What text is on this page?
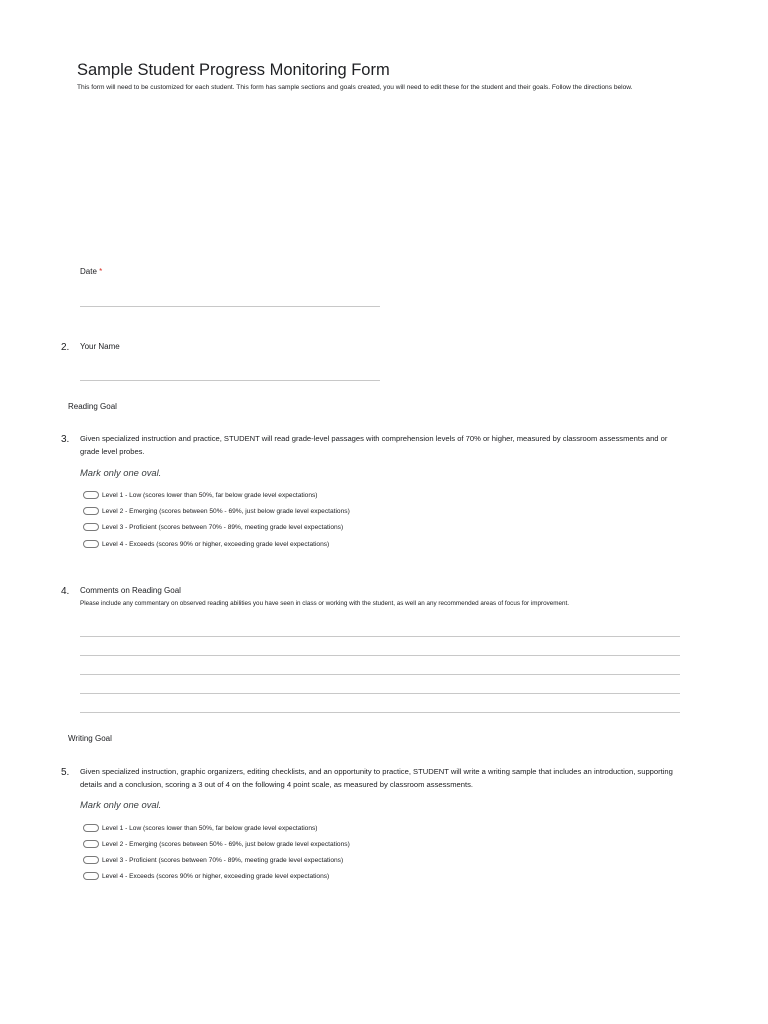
Sample Student Progress Monitoring Form
This form will need to be customized for each student. This form has sample sections and goals created, you will need to edit these for the student and their goals. Follow the directions below.
Date *
2. Your Name
Reading Goal
3. Given specialized instruction and practice, STUDENT will read grade-level passages with comprehension levels of 70% or higher, measured by classroom assessments and or grade level probes.
Mark only one oval.
Level 1 - Low (scores lower than 50%, far below grade level expectations)
Level 2 - Emerging (scores between 50% - 69%, just below grade level expectations)
Level 3 - Proficient (scores between 70% - 89%, meeting grade level expectations)
Level 4 - Exceeds (scores 90% or higher, exceeding grade level expectations)
4. Comments on Reading Goal
Please include any commentary on observed reading abilities you have seen in class or working with the student, as well an any recommended areas of focus for improvement.
Writing Goal
5. Given specialized instruction, graphic organizers, editing checklists, and an opportunity to practice, STUDENT will write a writing sample that includes an introduction, supporting details and a conclusion, scoring a 3 out of 4 on the following 4 point scale, as measured by classroom assessments.
Mark only one oval.
Level 1 - Low (scores lower than 50%, far below grade level expectations)
Level 2 - Emerging (scores between 50% - 69%, just below grade level expectations)
Level 3 - Proficient (scores between 70% - 89%, meeting grade level expectations)
Level 4 - Exceeds (scores 90% or higher, exceeding grade level expectations)
